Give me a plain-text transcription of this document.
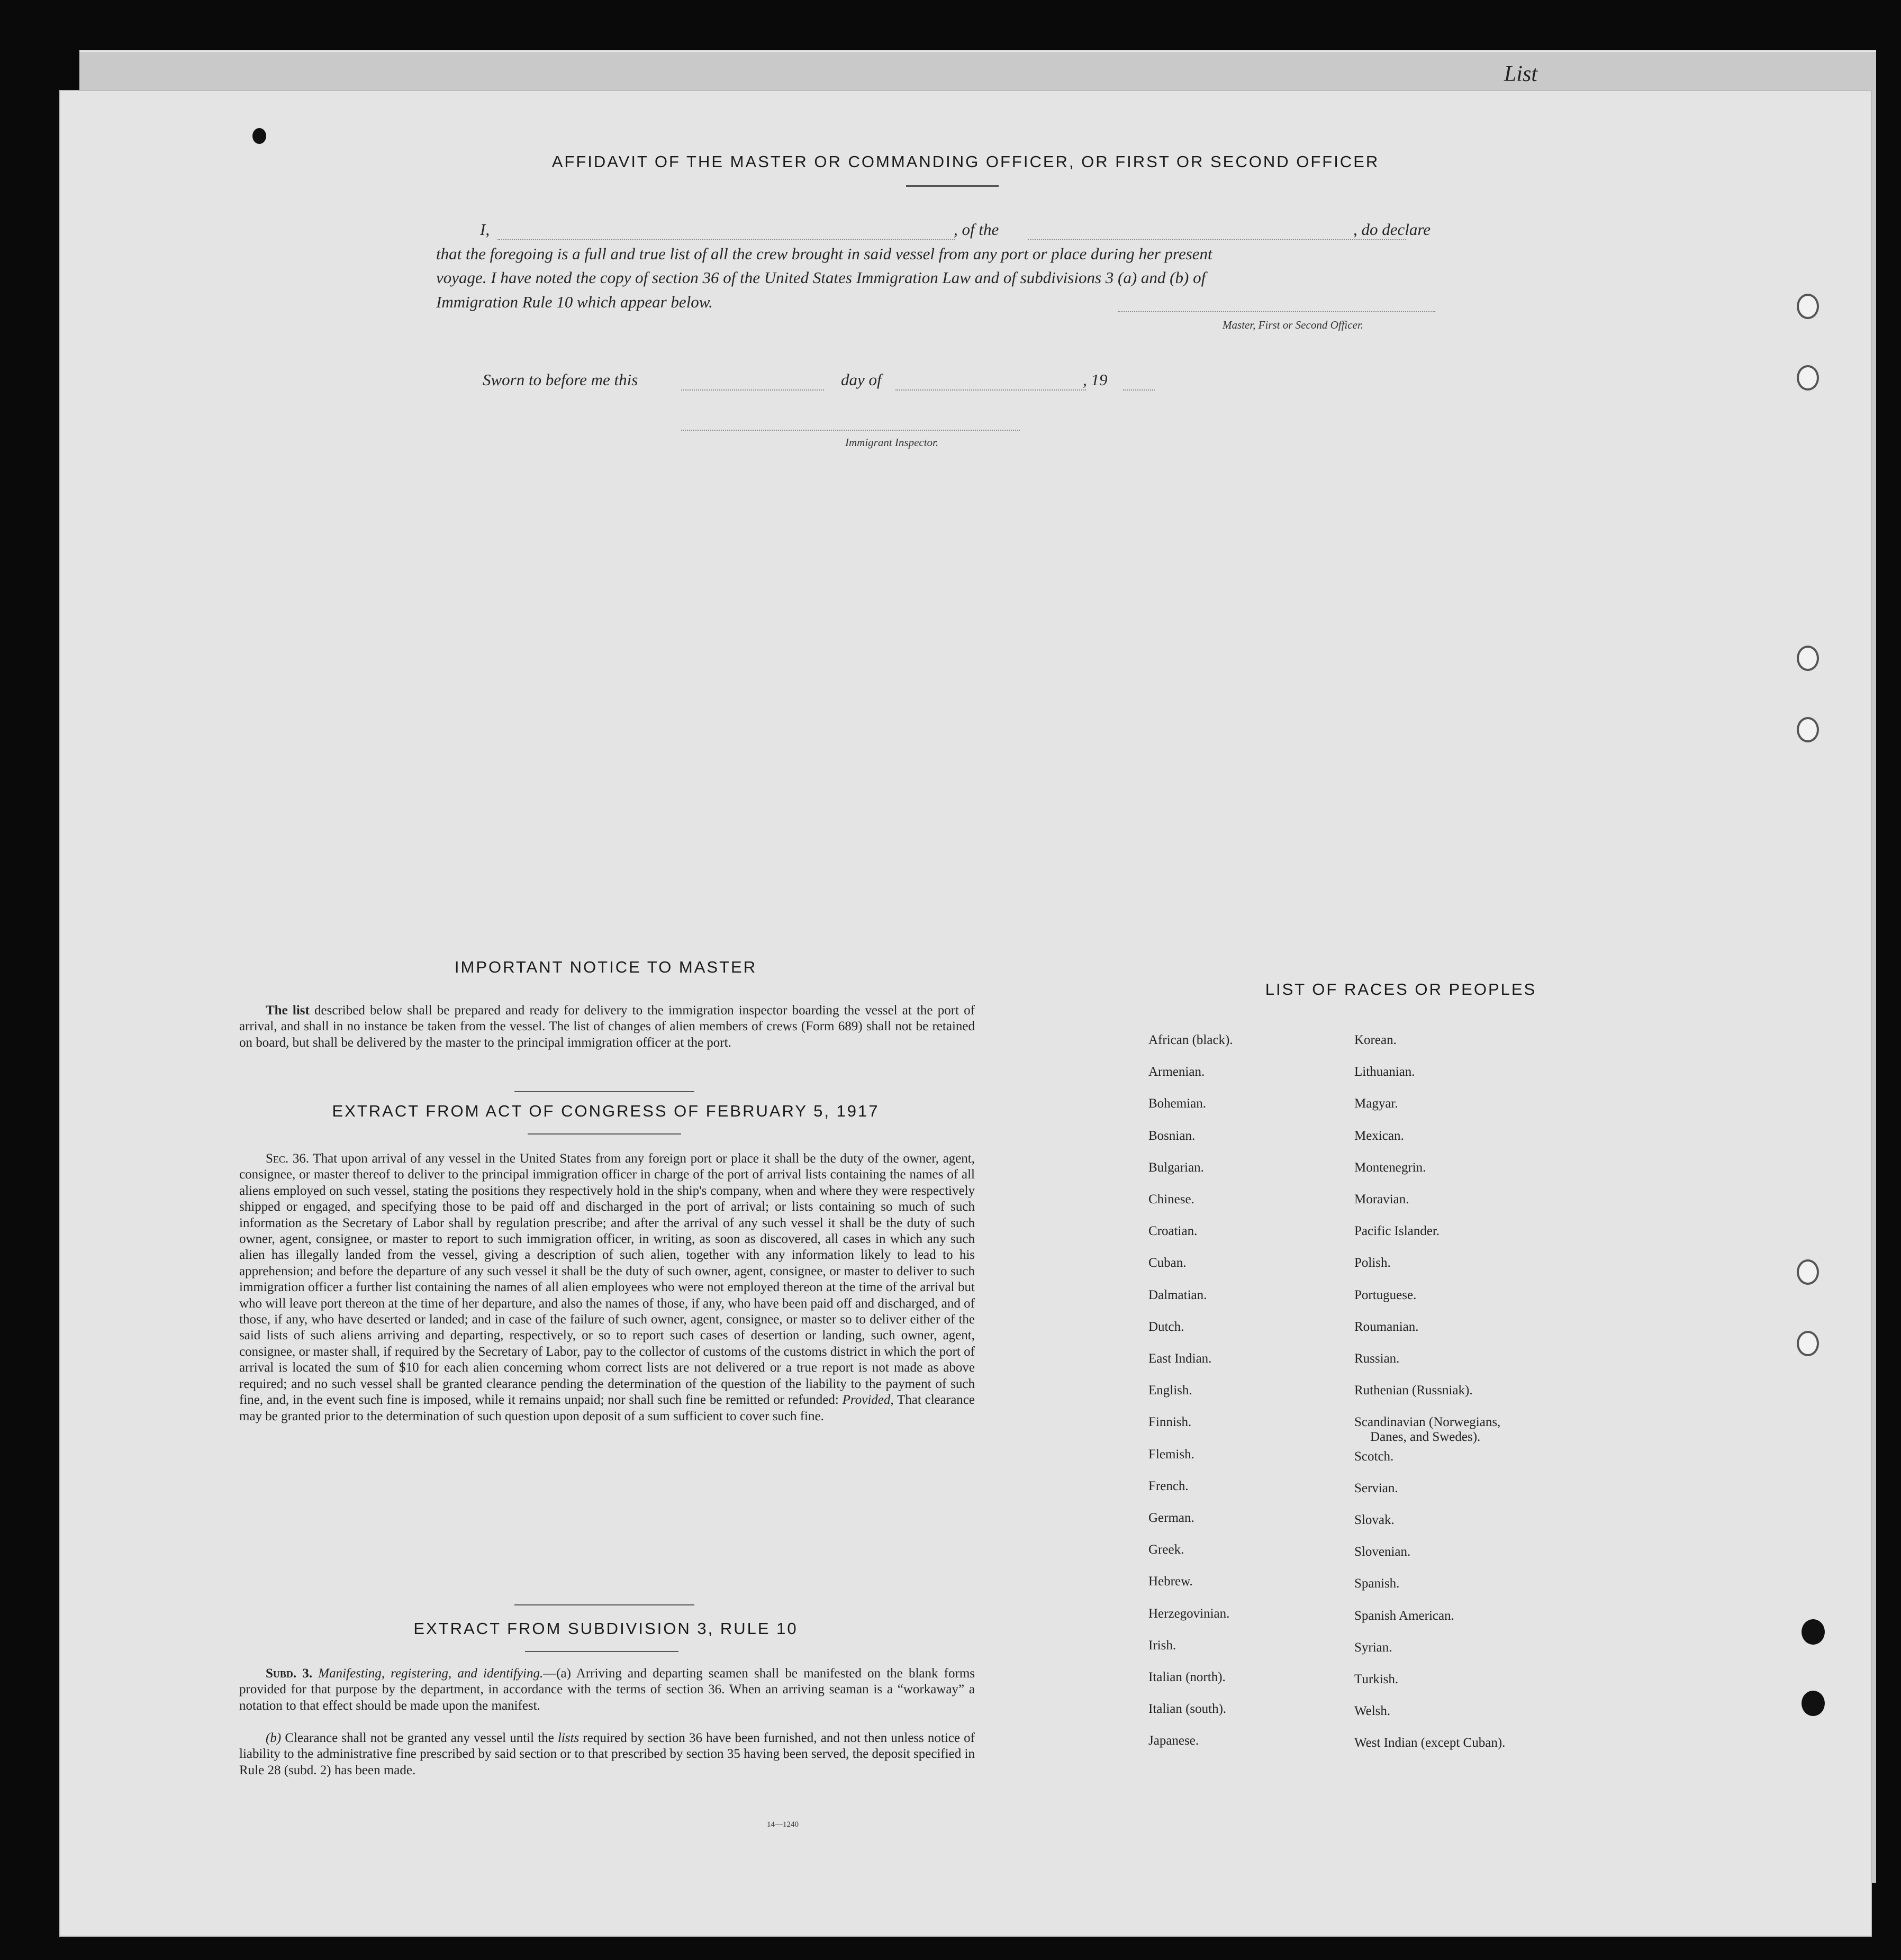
List
AFFIDAVIT OF THE MASTER OR COMMANDING OFFICER, OR FIRST OR SECOND OFFICER
I,	, of the	, do declare
that the foregoing is a full and true list of all the crew brought in said vessel from any port or place during her present
voyage. I have noted the copy of section 36 of the United States Immigration Law and of subdivisions 3 (a) and (b) of
Immigration Rule 10 which appear below.
Master, First or Second Officer.
Sworn to before me this	day of	, 19
Immigrant Inspector.
IMPORTANT NOTICE TO MASTER
The list described below shall be prepared and ready for delivery to the immigration inspector boarding the vessel at the port of arrival, and shall in no instance be taken from the vessel. The list of changes of alien members of crews (Form 689) shall not be retained on board, but shall be delivered by the master to the principal immigration officer at the port.
EXTRACT FROM ACT OF CONGRESS OF FEBRUARY 5, 1917
Sec. 36. That upon arrival of any vessel in the United States from any foreign port or place it shall be the duty of the owner, agent, consignee, or master thereof to deliver to the principal immigration officer in charge of the port of arrival lists containing the names of all aliens employed on such vessel, stating the positions they respectively hold in the ship's company, when and where they were respectively shipped or engaged, and specifying those to be paid off and discharged in the port of arrival; or lists containing so much of such information as the Secretary of Labor shall by regulation prescribe; and after the arrival of any such vessel it shall be the duty of such owner, agent, consignee, or master to report to such immigration officer, in writing, as soon as discovered, all cases in which any such alien has illegally landed from the vessel, giving a description of such alien, together with any information likely to lead to his apprehension; and before the departure of any such vessel it shall be the duty of such owner, agent, consignee, or master to deliver to such immigration officer a further list containing the names of all alien employees who were not employed thereon at the time of the arrival but who will leave port thereon at the time of her departure, and also the names of those, if any, who have been paid off and discharged, and of those, if any, who have deserted or landed; and in case of the failure of such owner, agent, consignee, or master so to deliver either of the said lists of such aliens arriving and departing, respectively, or so to report such cases of desertion or landing, such owner, agent, consignee, or master shall, if required by the Secretary of Labor, pay to the collector of customs of the customs district in which the port of arrival is located the sum of $10 for each alien concerning whom correct lists are not delivered or a true report is not made as above required; and no such vessel shall be granted clearance pending the determination of the question of the liability to the payment of such fine, and, in the event such fine is imposed, while it remains unpaid; nor shall such fine be remitted or refunded: Provided, That clearance may be granted prior to the determination of such question upon deposit of a sum sufficient to cover such fine.
EXTRACT FROM SUBDIVISION 3, RULE 10
Subd. 3. Manifesting, registering, and identifying.—(a) Arriving and departing seamen shall be manifested on the blank forms provided for that purpose by the department, in accordance with the terms of section 36. When an arriving seaman is a “workaway” a notation to that effect should be made upon the manifest.
(b) Clearance shall not be granted any vessel until the lists required by section 36 have been furnished, and not then unless notice of liability to the administrative fine prescribed by said section or to that prescribed by section 35 having been served, the deposit specified in Rule 28 (subd. 2) has been made.
14—1240
LIST OF RACES OR PEOPLES
African (black).
Armenian.
Bohemian.
Bosnian.
Bulgarian.
Chinese.
Croatian.
Cuban.
Dalmatian.
Dutch.
East Indian.
English.
Finnish.
Flemish.
French.
German.
Greek.
Hebrew.
Herzegovinian.
Irish.
Italian (north).
Italian (south).
Japanese.
Korean.
Lithuanian.
Magyar.
Mexican.
Montenegrin.
Moravian.
Pacific Islander.
Polish.
Portuguese.
Roumanian.
Russian.
Ruthenian (Russniak).
Scandinavian (Norwegians,
Danes, and Swedes).
Scotch.
Servian.
Slovak.
Slovenian.
Spanish.
Spanish American.
Syrian.
Turkish.
Welsh.
West Indian (except Cuban).
